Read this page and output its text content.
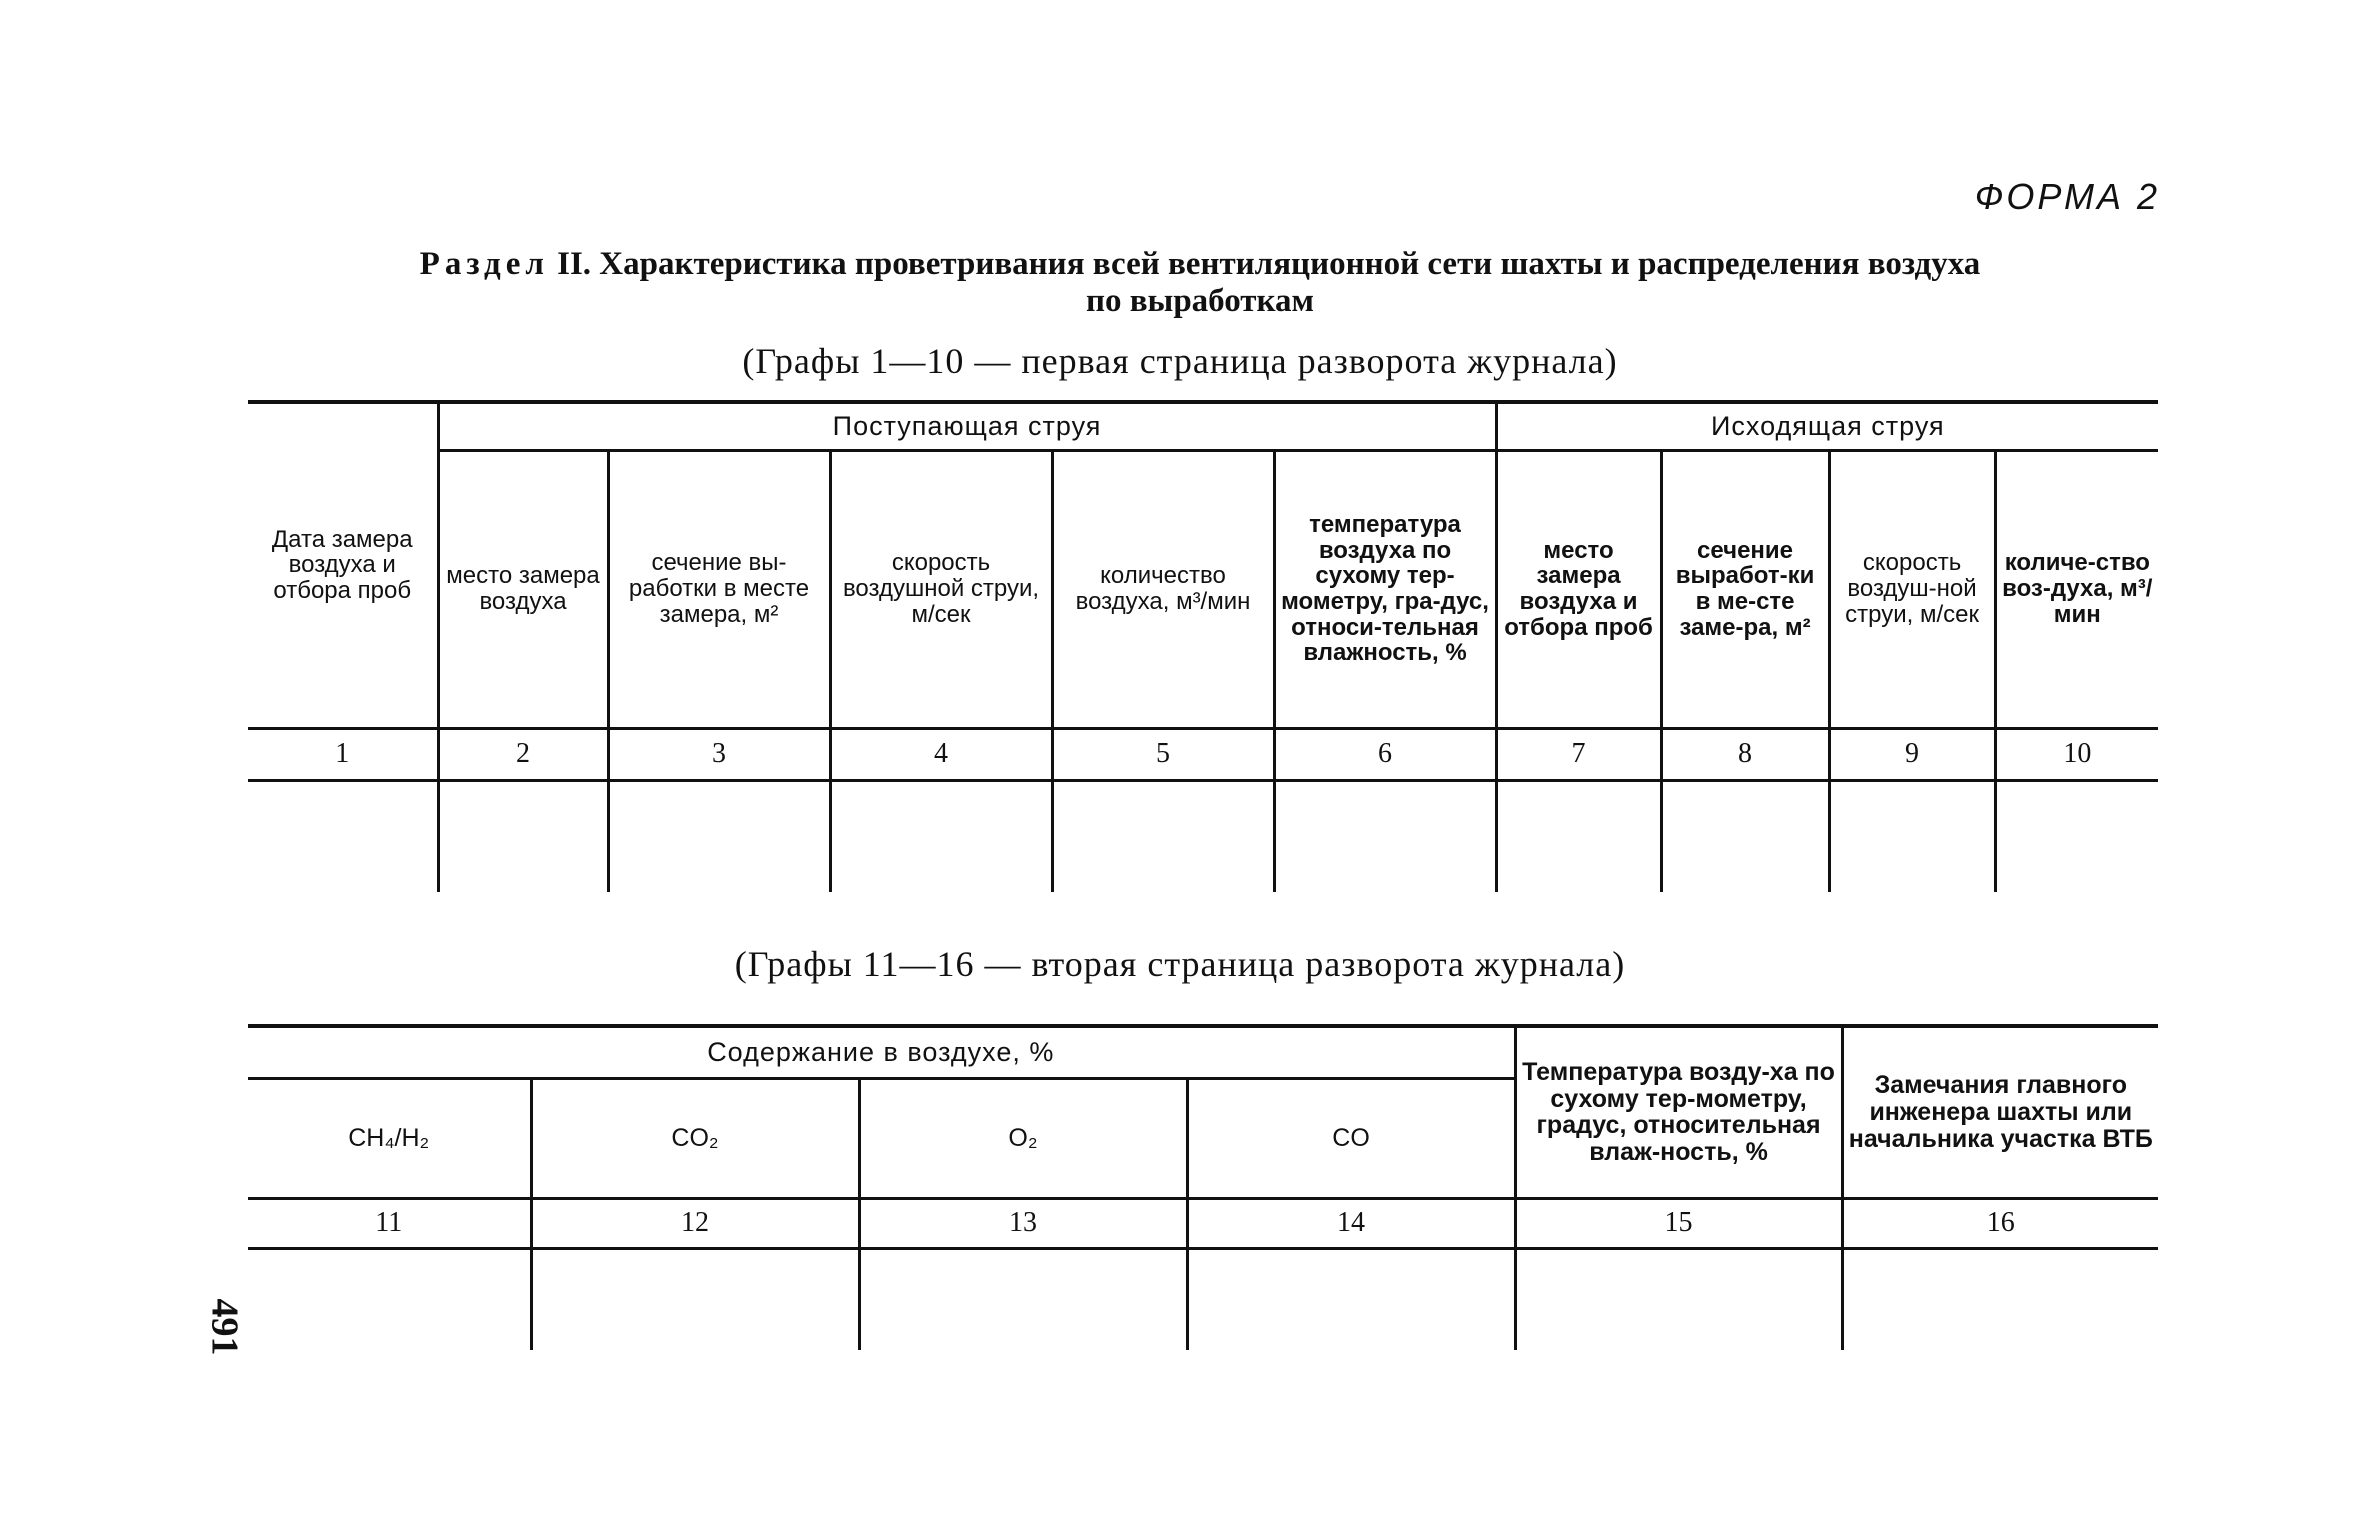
ФОРМА 2
Раздел II. Характеристика проветривания всей вентиляционной сети шахты и распределения воздуха
по выработкам
(Графы 1—10 — первая страница разворота журнала)
Дата замера воздуха и отбора проб	Поступающая струя					Исходящая струя			
	место замера воздуха	сечение вы-работки в месте замера, м²	скорость воздушной струи, м/сек	количество воздуха, м³/мин	температура воздуха по сухому тер-мометру, гра-дус, относи-тельная влажность, %	место замера воздуха и отбора проб	сечение выработ-ки в ме-сте заме-ра, м²	скорость воздуш-ной струи, м/сек	количе-ство воз-духа, м³/мин
1	2	3	4	5	6	7	8	9	10

(Графы 11—16 — вторая страница разворота журнала)
Содержание в воздухе, %				Температура возду-ха по сухому тер-мометру, градус, относительная влаж-ность, %	Замечания главного инженера шахты или начальника участка ВТБ
CH₄/H₂	CO₂	O₂	CO		
11	12	13	14	15	16

491
